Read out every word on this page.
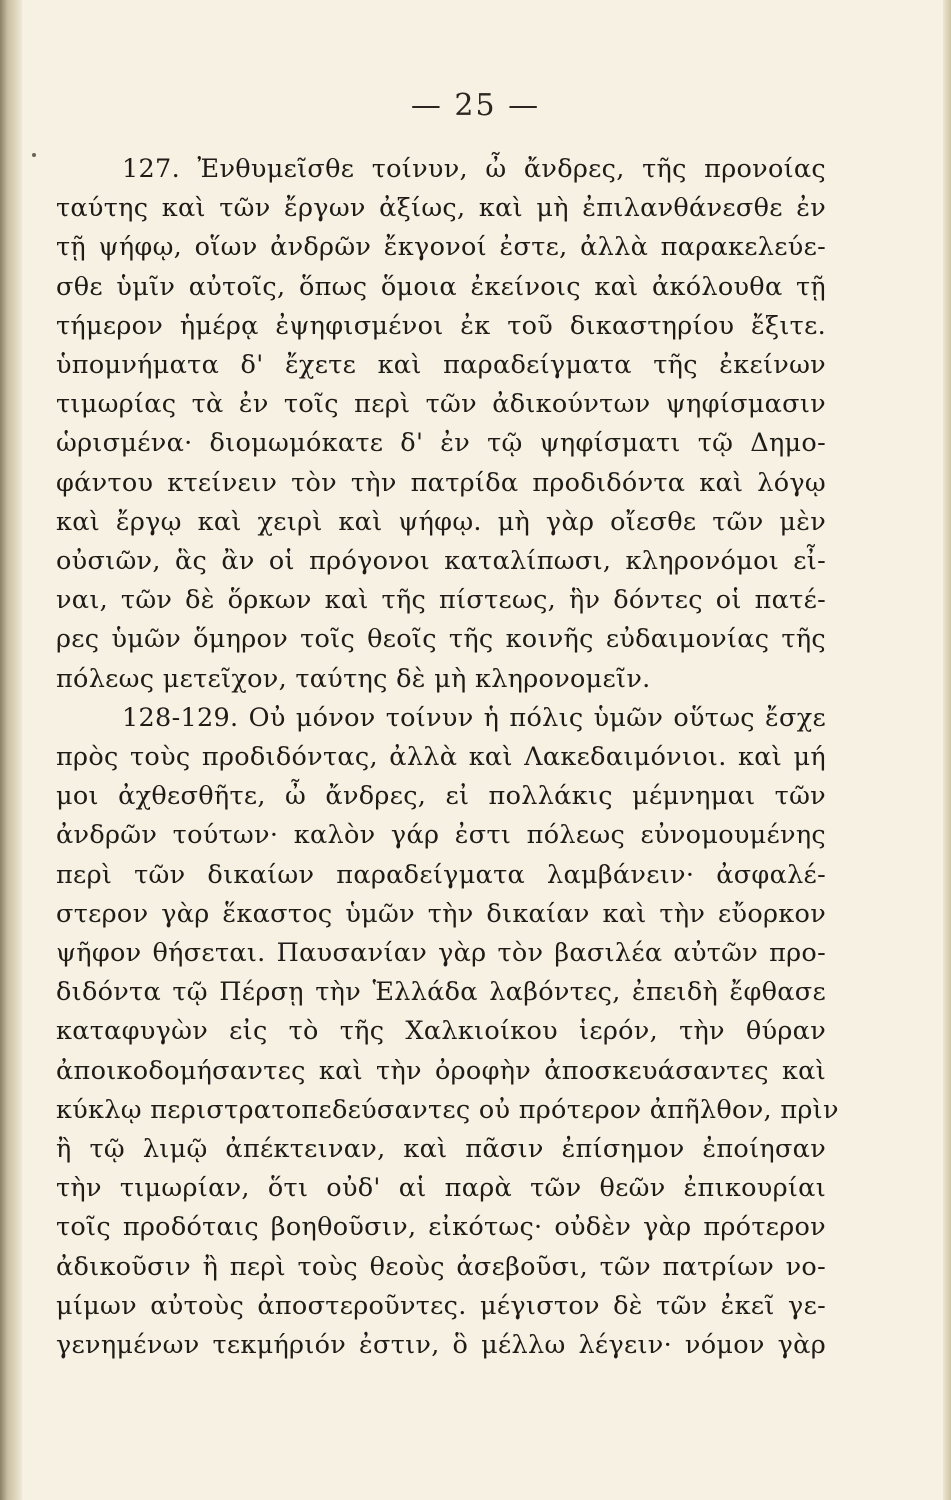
— 25 —
127. Ἐνθυμεῖσθε τοίνυν, ὦ ἄνδρες, τῆς προνοίας
ταύτης καὶ τῶν ἔργων ἀξίως, καὶ μὴ ἐπιλανθάνεσθε ἐν
τῇ ψήφῳ, οἵων ἀνδρῶν ἔκγονοί ἐστε, ἀλλὰ παρακελεύε-
σθε ὑμῖν αὐτοῖς, ὅπως ὅμοια ἐκείνοις καὶ ἀκόλουθα τῇ
τήμερον ἡμέρᾳ ἐψηφισμένοι ἐκ τοῦ δικαστηρίου ἔξιτε.
ὑπομνήματα δ' ἔχετε καὶ παραδείγματα τῆς ἐκείνων
τιμωρίας τὰ ἐν τοῖς περὶ τῶν ἀδικούντων ψηφίσμασιν
ὡρισμένα· διομωμόκατε δ' ἐν τῷ ψηφίσματι τῷ Δημο-
φάντου κτείνειν τὸν τὴν πατρίδα προδιδόντα καὶ λόγῳ
καὶ ἔργῳ καὶ χειρὶ καὶ ψήφῳ. μὴ γὰρ οἴεσθε τῶν μὲν
οὐσιῶν, ἃς ἂν οἱ πρόγονοι καταλίπωσι, κληρονόμοι εἶ-
ναι, τῶν δὲ ὅρκων καὶ τῆς πίστεως, ἣν δόντες οἱ πατέ-
ρες ὑμῶν ὅμηρον τοῖς θεοῖς τῆς κοινῆς εὐδαιμονίας τῆς
πόλεως μετεῖχον, ταύτης δὲ μὴ κληρονομεῖν.
128-129. Οὐ μόνον τοίνυν ἡ πόλις ὑμῶν οὕτως ἔσχε
πρὸς τοὺς προδιδόντας, ἀλλὰ καὶ Λακεδαιμόνιοι. καὶ μή
μοι ἀχθεσθῆτε, ὦ ἄνδρες, εἰ πολλάκις μέμνημαι τῶν
ἀνδρῶν τούτων· καλὸν γάρ ἐστι πόλεως εὐνομουμένης
περὶ τῶν δικαίων παραδείγματα λαμβάνειν· ἀσφαλέ-
στερον γὰρ ἕκαστος ὑμῶν τὴν δικαίαν καὶ τὴν εὔορκον
ψῆφον θήσεται. Παυσανίαν γὰρ τὸν βασιλέα αὐτῶν προ-
διδόντα τῷ Πέρσῃ τὴν Ἑλλάδα λαβόντες, ἐπειδὴ ἔφθασε
καταφυγὼν εἰς τὸ τῆς Χαλκιοίκου ἱερόν, τὴν θύραν
ἀποικοδομήσαντες καὶ τὴν ὀροφὴν ἀποσκευάσαντες καὶ
κύκλῳ περιστρατοπεδεύσαντες οὐ πρότερον ἀπῆλθον, πρὶν
ἢ τῷ λιμῷ ἀπέκτειναν, καὶ πᾶσιν ἐπίσημον ἐποίησαν
τὴν τιμωρίαν, ὅτι οὐδ' αἱ παρὰ τῶν θεῶν ἐπικουρίαι
τοῖς προδόταις βοηθοῦσιν, εἰκότως· οὐδὲν γὰρ πρότερον
ἀδικοῦσιν ἢ περὶ τοὺς θεοὺς ἀσεβοῦσι, τῶν πατρίων νο-
μίμων αὐτοὺς ἀποστεροῦντες. μέγιστον δὲ τῶν ἐκεῖ γε-
γενημένων τεκμήριόν ἐστιν, ὃ μέλλω λέγειν· νόμον γὰρ
